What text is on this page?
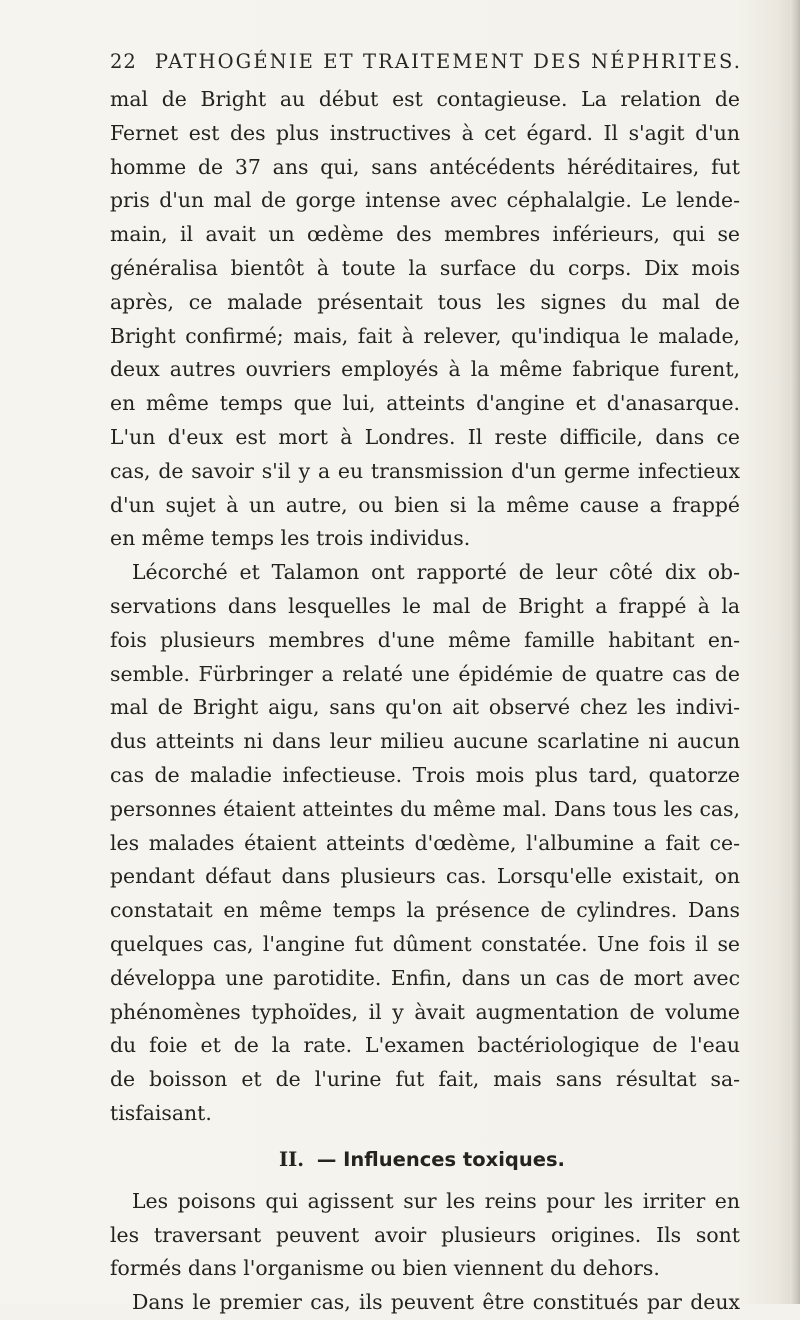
22 PATHOGÉNIE ET TRAITEMENT DES NÉPHRITES.
mal de Bright au début est contagieuse. La relation de
Fernet est des plus instructives à cet égard. Il s'agit d'un
homme de 37 ans qui, sans antécédents héréditaires, fut
pris d'un mal de gorge intense avec céphalalgie. Le lende-
main, il avait un œdème des membres inférieurs, qui se
généralisa bientôt à toute la surface du corps. Dix mois
après, ce malade présentait tous les signes du mal de
Bright confirmé; mais, fait à relever, qu'indiqua le malade,
deux autres ouvriers employés à la même fabrique furent,
en même temps que lui, atteints d'angine et d'anasarque.
L'un d'eux est mort à Londres. Il reste difficile, dans ce
cas, de savoir s'il y a eu transmission d'un germe infectieux
d'un sujet à un autre, ou bien si la même cause a frappé
en même temps les trois individus.
Lécorché et Talamon ont rapporté de leur côté dix ob-
servations dans lesquelles le mal de Bright a frappé à la
fois plusieurs membres d'une même famille habitant en-
semble. Fürbringer a relaté une épidémie de quatre cas de
mal de Bright aigu, sans qu'on ait observé chez les indivi-
dus atteints ni dans leur milieu aucune scarlatine ni aucun
cas de maladie infectieuse. Trois mois plus tard, quatorze
personnes étaient atteintes du même mal. Dans tous les cas,
les malades étaient atteints d'œdème, l'albumine a fait ce-
pendant défaut dans plusieurs cas. Lorsqu'elle existait, on
constatait en même temps la présence de cylindres. Dans
quelques cas, l'angine fut dûment constatée. Une fois il se
développa une parotidite. Enfin, dans un cas de mort avec
phénomènes typhoïdes, il y àvait augmentation de volume
du foie et de la rate. L'examen bactériologique de l'eau
de boisson et de l'urine fut fait, mais sans résultat sa-
tisfaisant.
II. — Influences toxiques.
Les poisons qui agissent sur les reins pour les irriter en
les traversant peuvent avoir plusieurs origines. Ils sont
formés dans l'organisme ou bien viennent du dehors.
Dans le premier cas, ils peuvent être constitués par deux
